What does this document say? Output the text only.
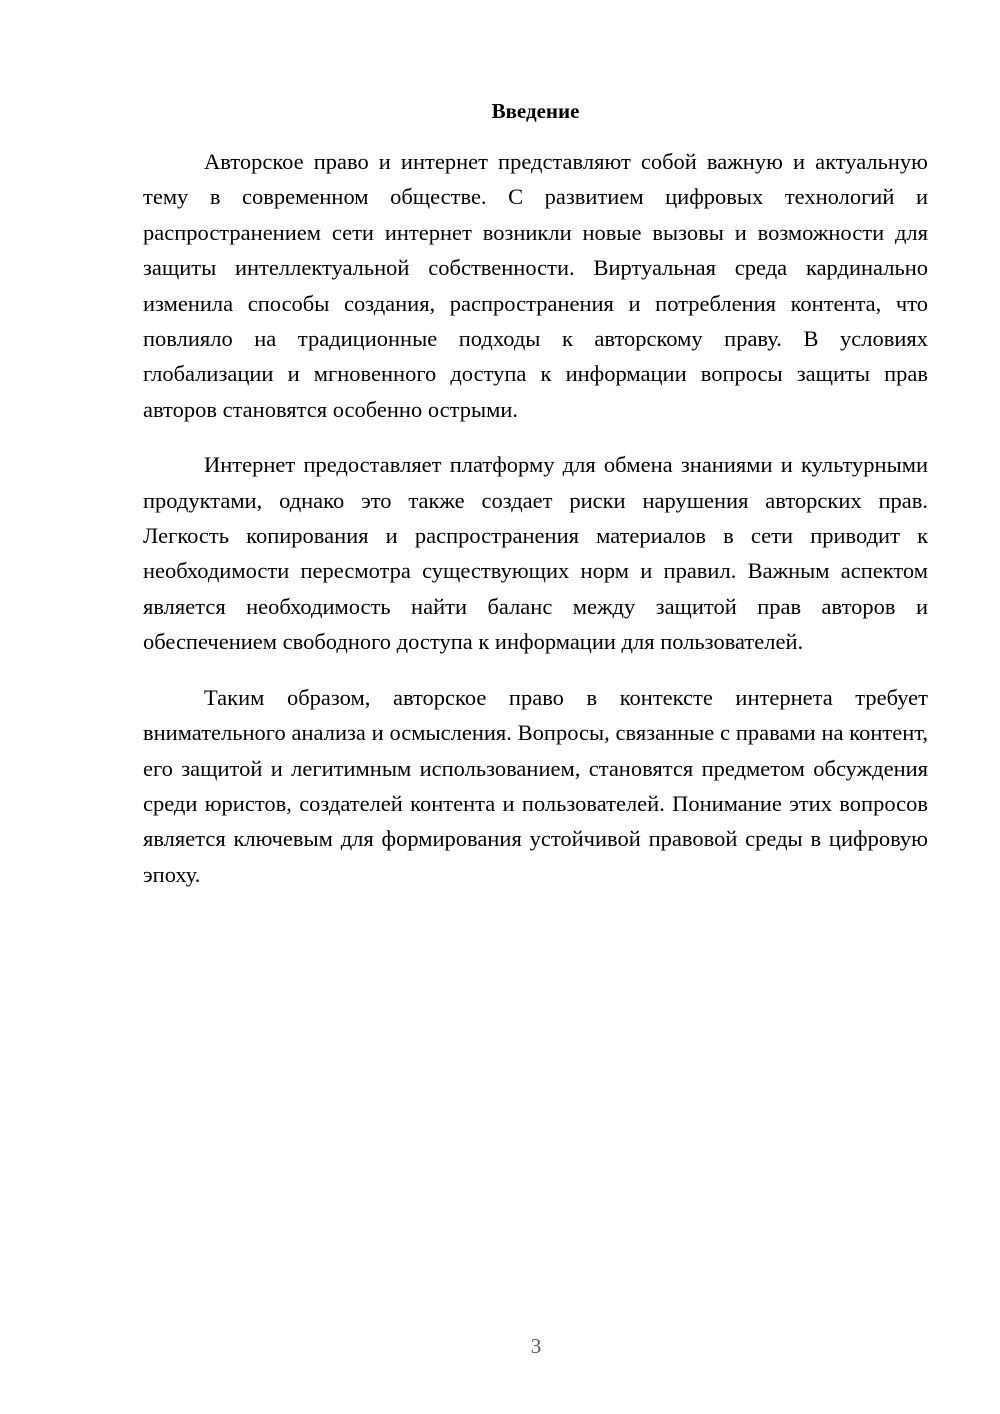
Введение

Авторское право и интернет представляют собой важную и актуальную тему в современном обществе. С развитием цифровых технологий и распространением сети интернет возникли новые вызовы и возможности для защиты интеллектуальной собственности. Виртуальная среда кардинально изменила способы создания, распространения и потребления контента, что повлияло на традиционные подходы к авторскому праву. В условиях глобализации и мгновенного доступа к информации вопросы защиты прав авторов становятся особенно острыми.

Интернет предоставляет платформу для обмена знаниями и культурными продуктами, однако это также создает риски нарушения авторских прав. Легкость копирования и распространения материалов в сети приводит к необходимости пересмотра существующих норм и правил. Важным аспектом является необходимость найти баланс между защитой прав авторов и обеспечением свободного доступа к информации для пользователей.

Таким образом, авторское право в контексте интернета требует внимательного анализа и осмысления. Вопросы, связанные с правами на контент, его защитой и легитимным использованием, становятся предметом обсуждения среди юристов, создателей контента и пользователей. Понимание этих вопросов является ключевым для формирования устойчивой правовой среды в цифровую эпоху.

3
